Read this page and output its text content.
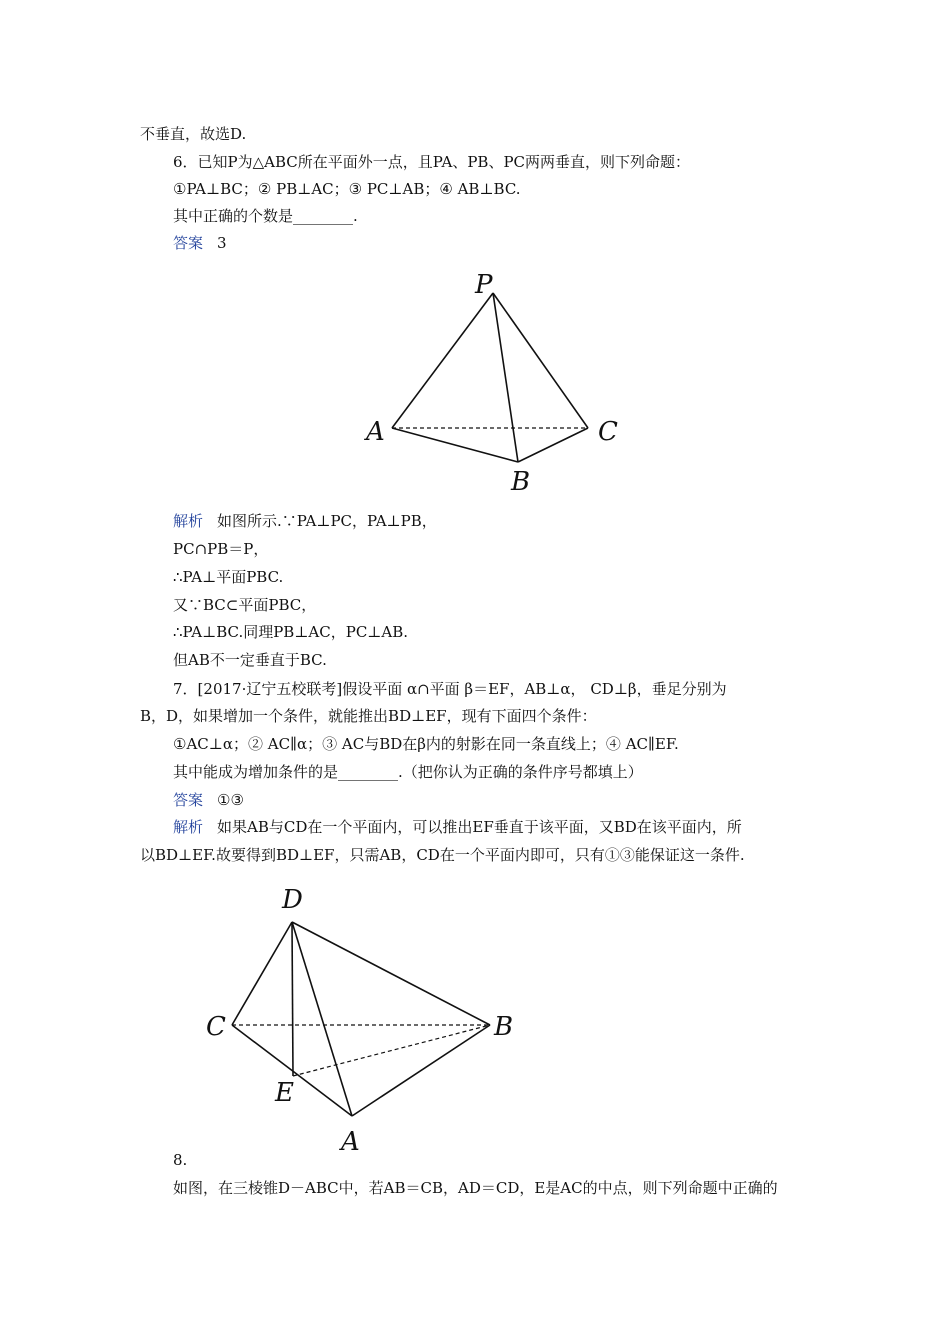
不垂直，故选D.
6．已知P为△ABC所在平面外一点，且PA、PB、PC两两垂直，则下列命题：
①PA⊥BC；② PB⊥AC；③ PC⊥AB；④ AB⊥BC.
其中正确的个数是________.
答案 3
P
A	C
B
解析 如图所示.∵PA⊥PC，PA⊥PB，
PC∩PB＝P，
∴PA⊥平面PBC.
又∵BC⊂平面PBC，
∴PA⊥BC.同理PB⊥AC，PC⊥AB.
但AB不一定垂直于BC.
7．[2017·辽宁五校联考]假设平面 α∩平面 β＝EF，AB⊥α， CD⊥β，垂足分别为
B，D，如果增加一个条件，就能推出BD⊥EF，现有下面四个条件：
①AC⊥α；② AC∥α；③ AC与BD在β内的射影在同一条直线上；④ AC∥EF.
其中能成为增加条件的是________.（把你认为正确的条件序号都填上）
答案 ①③
解析 如果AB与CD在一个平面内，可以推出EF垂直于该平面，又BD在该平面内，所
以BD⊥EF.故要得到BD⊥EF，只需AB，CD在一个平面内即可，只有①③能保证这一条件.
D
C	B
E
A
8.
如图，在三棱锥D－ABC中，若AB＝CB，AD＝CD，E是AC的中点，则下列命题中正确的
